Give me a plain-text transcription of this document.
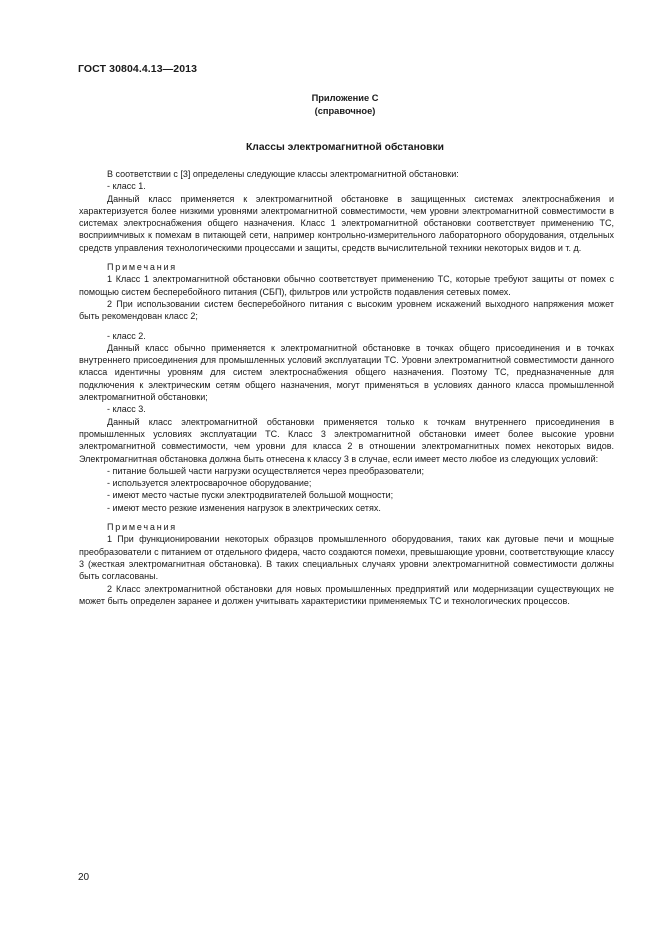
ГОСТ 30804.4.13—2013
Приложение С
(справочное)
Классы электромагнитной обстановки

В соответствии с [3] определены следующие классы электромагнитной обстановки:

- класс 1.

Данный класс применяется к электромагнитной обстановке в защищенных системах электроснабжения и характеризуется более низкими уровнями электромагнитной совместимости, чем уровни электромагнитной совместимости в системах электроснабжения общего назначения. Класс 1 электромагнитной обстановки соответствует применению ТС, восприимчивых к помехам в питающей сети, например контрольно-измерительного лабораторного оборудования, отдельных средств управления технологическими процессами и защиты, средств вычислительной техники некоторых видов и т. д.

Примечания

1 Класс 1 электромагнитной обстановки обычно соответствует применению ТС, которые требуют защиты от помех с помощью систем бесперебойного питания (СБП), фильтров или устройств подавления сетевых помех.

2 При использовании систем бесперебойного питания с высоким уровнем искажений выходного напряжения может быть рекомендован класс 2;

- класс 2.

Данный класс обычно применяется к электромагнитной обстановке в точках общего присоединения и в точках внутреннего присоединения для промышленных условий эксплуатации ТС. Уровни электромагнитной совместимости данного класса идентичны уровням для систем электроснабжения общего назначения. Поэтому ТС, предназначенные для подключения к электрическим сетям общего назначения, могут применяться в условиях данного класса промышленной электромагнитной обстановки;

- класс 3.

Данный класс электромагнитной обстановки применяется только к точкам внутреннего присоединения в промышленных условиях эксплуатации ТС. Класс 3 электромагнитной обстановки имеет более высокие уровни электромагнитной совместимости, чем уровни для класса 2 в отношении электромагнитных помех некоторых видов. Электромагнитная обстановка должна быть отнесена к классу 3 в случае, если имеет место любое из следующих условий:

- питание большей части нагрузки осуществляется через преобразователи;

- используется электросварочное оборудование;

- имеют место частые пуски электродвигателей большой мощности;

- имеют место резкие изменения нагрузок в электрических сетях.

Примечания

1 При функционировании некоторых образцов промышленного оборудования, таких как дуговые печи и мощные преобразователи с питанием от отдельного фидера, часто создаются помехи, превышающие уровни, соответствующие классу 3 (жесткая электромагнитная обстановка). В таких специальных случаях уровни электромагнитной совместимости должны быть согласованы.

2 Класс электромагнитной обстановки для новых промышленных предприятий или модернизации существующих не может быть определен заранее и должен учитывать характеристики применяемых ТС и технологических процессов.

20
